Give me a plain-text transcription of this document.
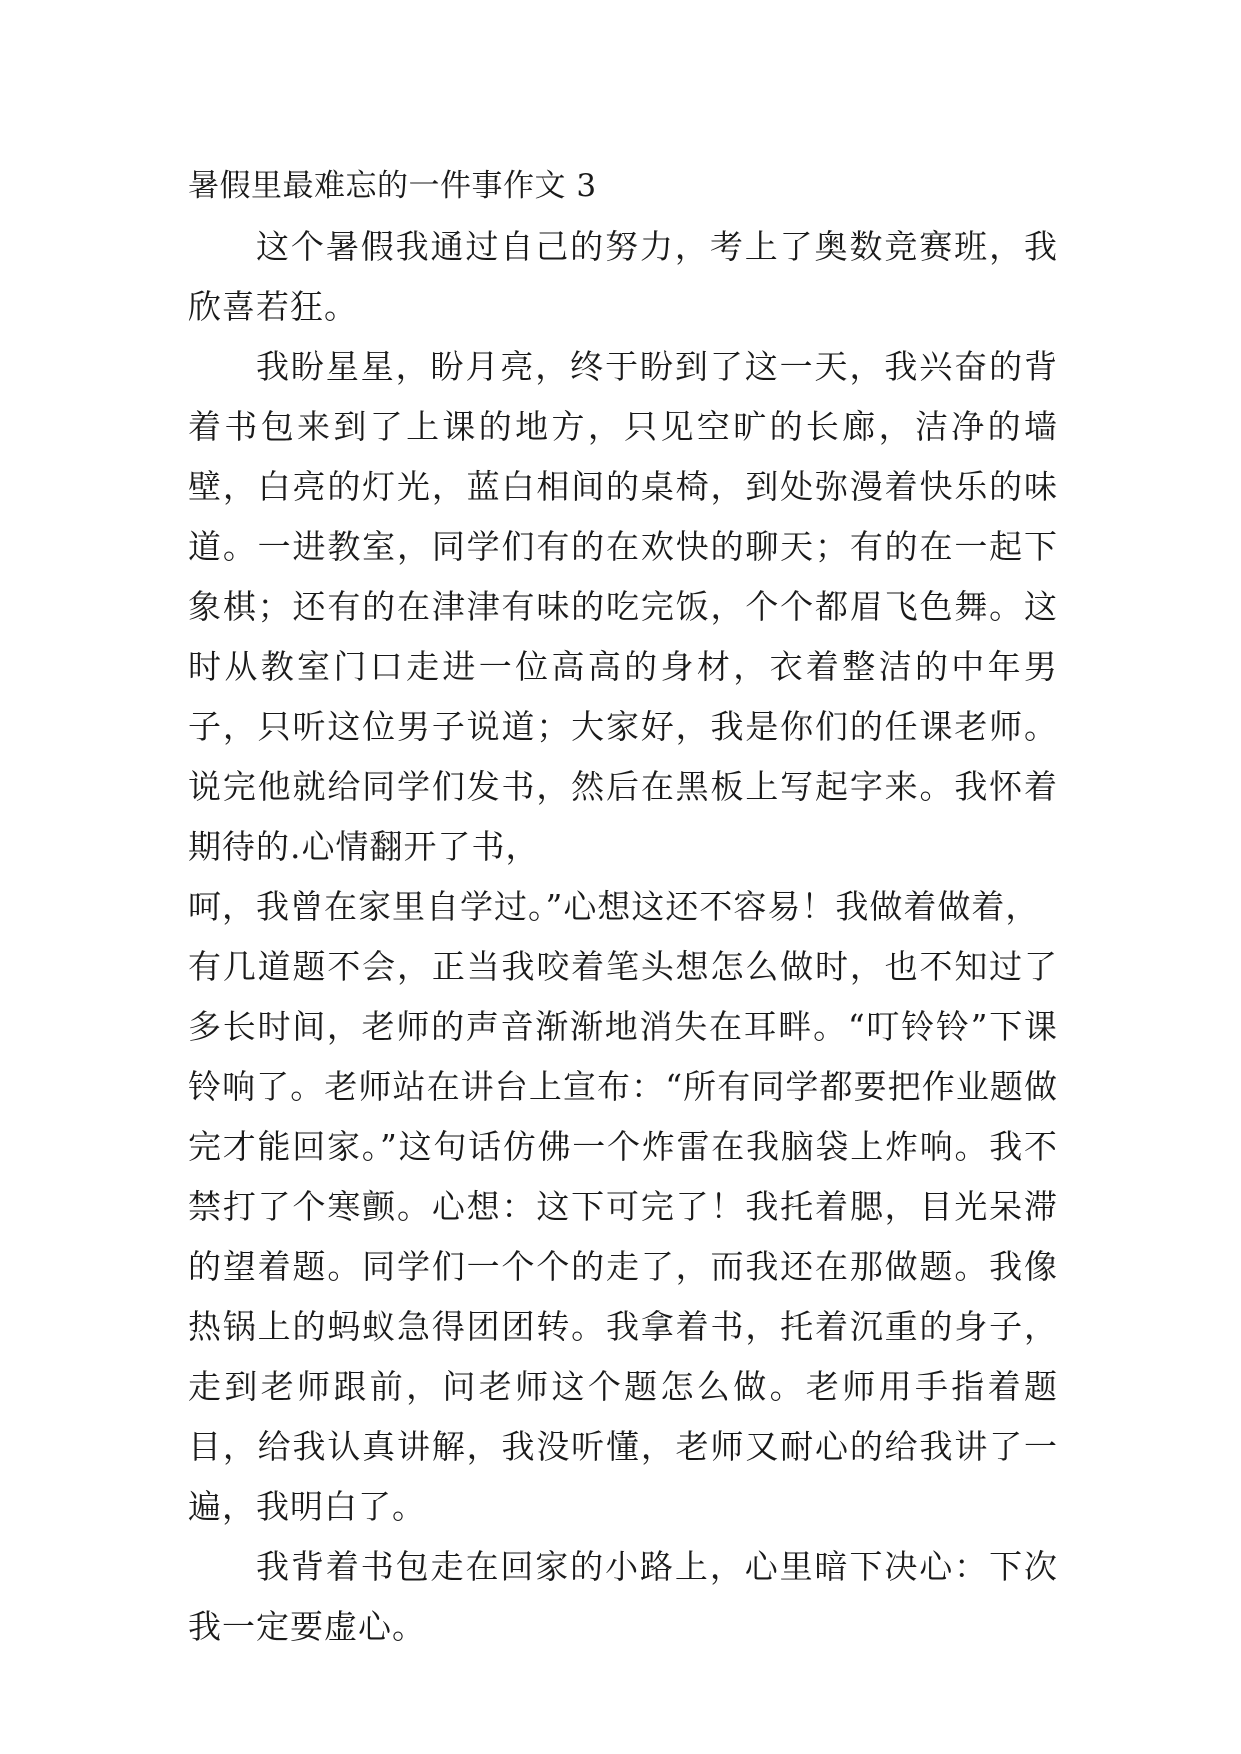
暑假里最难忘的一件事作文 3

这个暑假我通过自己的努力，考上了奥数竞赛班，我欣喜若狂。

我盼星星，盼月亮，终于盼到了这一天，我兴奋的背着书包来到了上课的地方，只见空旷的长廊，洁净的墙壁，白亮的灯光，蓝白相间的桌椅，到处弥漫着快乐的味道。一进教室，同学们有的在欢快的聊天；有的在一起下象棋；还有的在津津有味的吃完饭，个个都眉飞色舞。这时从教室门口走进一位高高的身材，衣着整洁的中年男子，只听这位男子说道；大家好，我是你们的任课老师。说完他就给同学们发书，然后在黑板上写起字来。我怀着期待的.心情翻开了书，

呵，我曾在家里自学过。”心想这还不容易！我做着做着，

有几道题不会，正当我咬着笔头想怎么做时，也不知过了多长时间，老师的声音渐渐地消失在耳畔。“叮铃铃”下课铃响了。老师站在讲台上宣布：“所有同学都要把作业题做完才能回家。”这句话仿佛一个炸雷在我脑袋上炸响。我不禁打了个寒颤。心想：这下可完了！我托着腮，目光呆滞的望着题。同学们一个个的走了，而我还在那做题。我像热锅上的蚂蚁急得团团转。我拿着书，托着沉重的身子，走到老师跟前，问老师这个题怎么做。老师用手指着题目，给我认真讲解，我没听懂，老师又耐心的给我讲了一遍，我明白了。

我背着书包走在回家的小路上，心里暗下决心：下次我一定要虚心。
